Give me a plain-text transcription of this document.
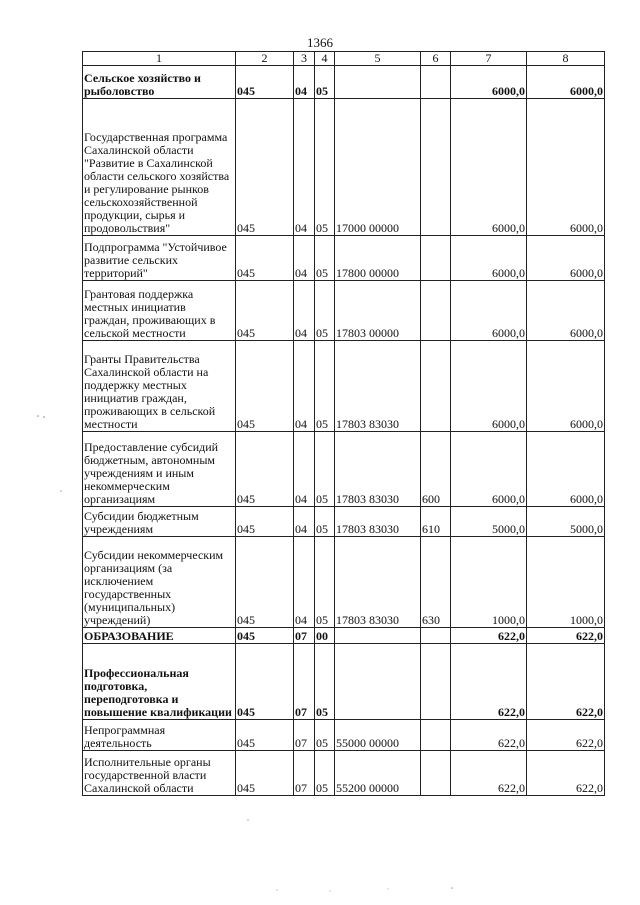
1366
1	2	3	4	5	6	7	8
Сельское хозяйство и рыболовство	045	04	05			6000,0	6000,0
Государственная программа Сахалинской области "Развитие в Сахалинской области сельского хозяйства и регулирование рынков сельскохозяйственной продукции, сырья и продовольствия"	045	04	05	17000 00000		6000,0	6000,0
Подпрограмма "Устойчивое развитие сельских территорий"	045	04	05	17800 00000		6000,0	6000,0
Грантовая поддержка местных инициатив граждан, проживающих в сельской местности	045	04	05	17803 00000		6000,0	6000,0
Гранты Правительства Сахалинской области на поддержку местных инициатив граждан, проживающих в сельской местности	045	04	05	17803 83030		6000,0	6000,0
Предоставление субсидий бюджетным, автономным учреждениям и иным некоммерческим организациям	045	04	05	17803 83030	600	6000,0	6000,0
Субсидии бюджетным учреждениям	045	04	05	17803 83030	610	5000,0	5000,0
Субсидии некоммерческим организациям (за исключением государственных (муниципальных) учреждений)	045	04	05	17803 83030	630	1000,0	1000,0
ОБРАЗОВАНИЕ	045	07	00			622,0	622,0
Профессиональная подготовка, переподготовка и повышение квалификации	045	07	05			622,0	622,0
Непрограммная деятельность	045	07	05	55000 00000		622,0	622,0
Исполнительные органы государственной власти Сахалинской области	045	07	05	55200 00000		622,0	622,0
